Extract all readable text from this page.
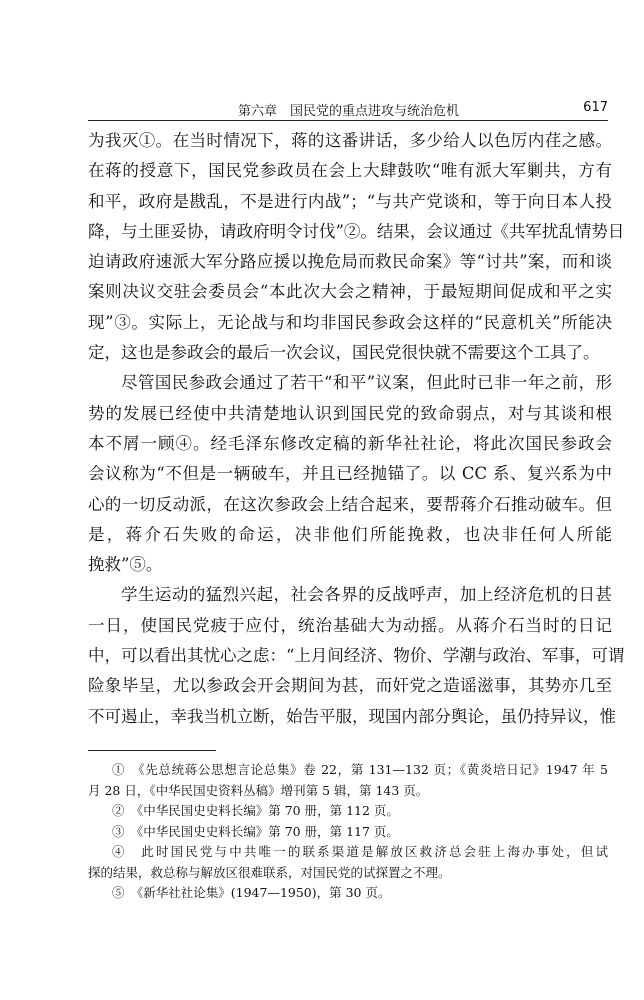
第六章　国民党的重点进攻与统治危机	617
为我灭①。在当时情况下，蒋的这番讲话，多少给人以色厉内荏之感。
在蒋的授意下，国民党参政员在会上大肆鼓吹“唯有派大军剿共，方有
和平，政府是戡乱，不是进行内战”；“与共产党谈和，等于向日本人投
降，与土匪妥协，请政府明令讨伐”②。结果，会议通过《共军扰乱情势日
迫请政府速派大军分路应援以挽危局而救民命案》等“讨共”案，而和谈
案则决议交驻会委员会“本此次大会之精神，于最短期间促成和平之实
现”③。实际上，无论战与和均非国民参政会这样的“民意机关”所能决
定，这也是参政会的最后一次会议，国民党很快就不需要这个工具了。
尽管国民参政会通过了若干“和平”议案，但此时已非一年之前，形
势的发展已经使中共清楚地认识到国民党的致命弱点，对与其谈和根
本不屑一顾④。经毛泽东修改定稿的新华社社论，将此次国民参政会
会议称为“不但是一辆破车，并且已经抛锚了。以 CC 系、复兴系为中
心的一切反动派，在这次参政会上结合起来，要帮蒋介石推动破车。但
是，蒋介石失败的命运，决非他们所能挽救，也决非任何人所能
挽救”⑤。
学生运动的猛烈兴起，社会各界的反战呼声，加上经济危机的日甚
一日，使国民党疲于应付，统治基础大为动摇。从蒋介石当时的日记
中，可以看出其忧心之虑：“上月间经济、物价、学潮与政治、军事，可谓
险象毕呈，尤以参政会开会期间为甚，而奸党之造谣滋事，其势亦几至
不可遏止，幸我当机立断，始告平服，现国内部分舆论，虽仍持异议，惟
①　《先总统蒋公思想言论总集》卷 22，第 131—132 页；《黄炎培日记》1947 年 5
月 28 日，《中华民国史资料丛稿》增刊第 5 辑，第 143 页。
②　《中华民国史史料长编》第 70 册，第 112 页。
③　《中华民国史史料长编》第 70 册，第 117 页。
④　此时国民党与中共唯一的联系渠道是解放区救济总会驻上海办事处，但试
探的结果，救总称与解放区很难联系，对国民党的试探置之不理。
⑤　《新华社社论集》(1947—1950)，第 30 页。
